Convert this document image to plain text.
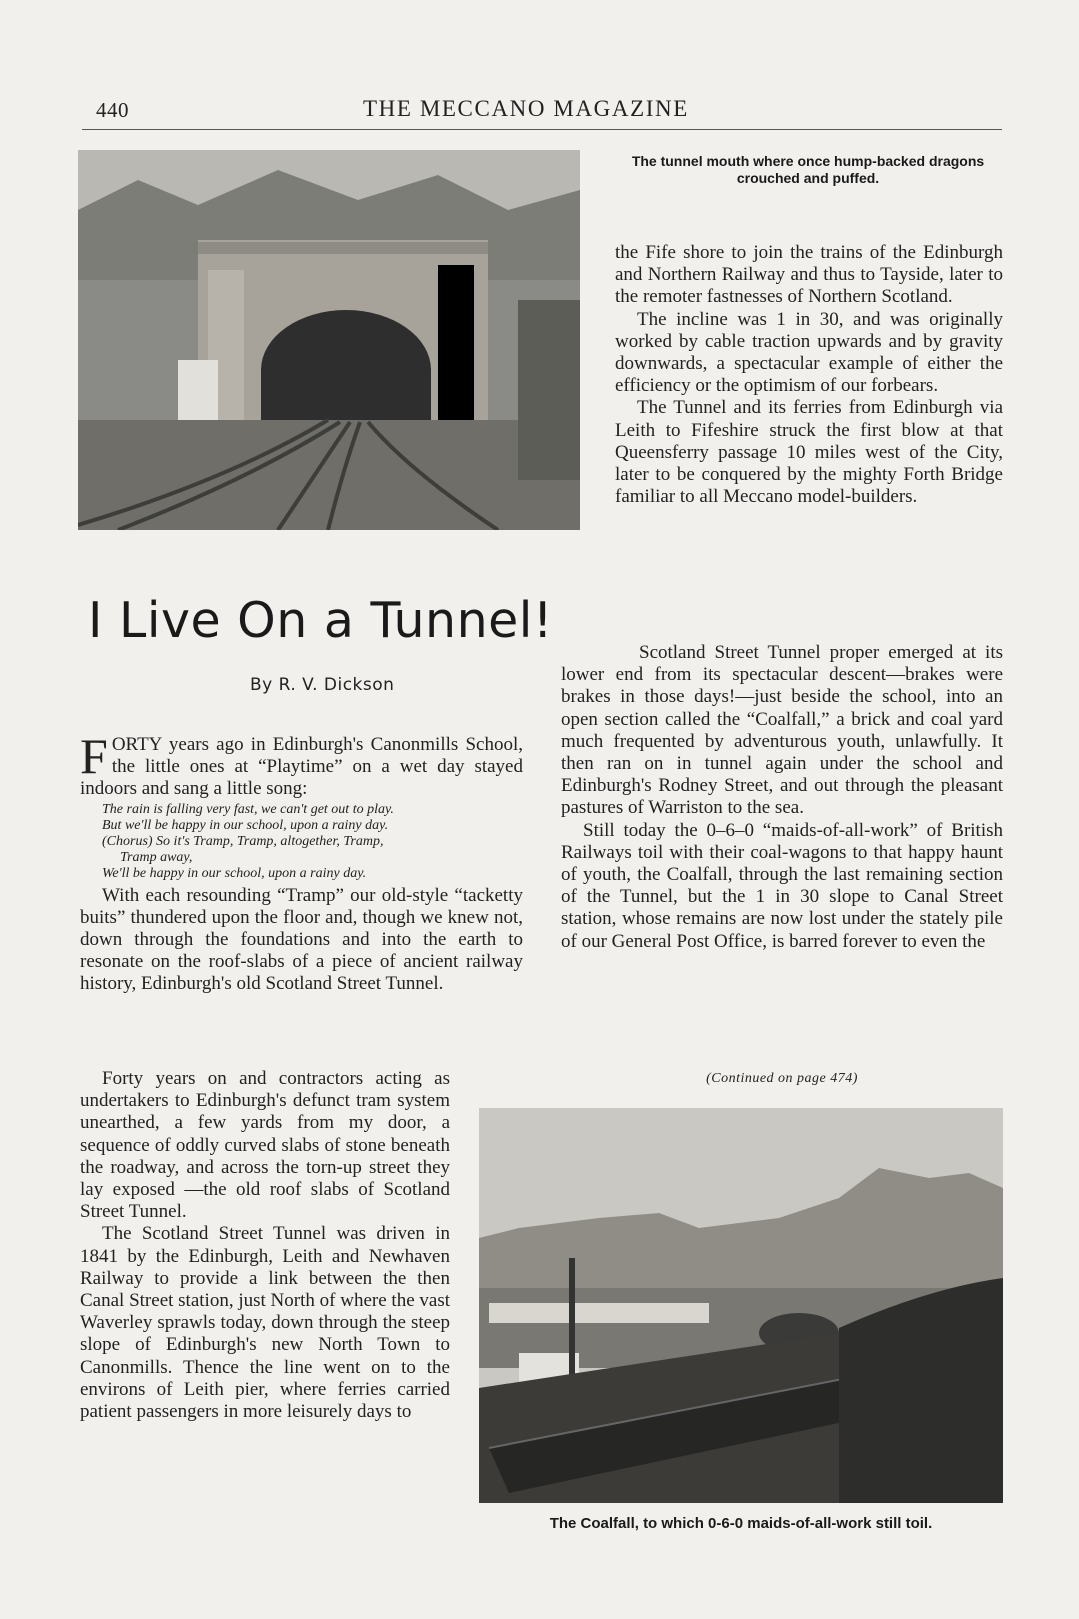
440	THE MECCANO MAGAZINE
The tunnel mouth where once hump-backed dragons crouched and puffed.
I Live On a Tunnel!
By R. V. Dickson

FORTY years ago in Edinburgh's Canonmills School, the little ones at “Playtime” on a wet day stayed indoors and sang a little song:

The rain is falling very fast, we can't get out to play.
But we'll be happy in our school, upon a rainy day.
(Chorus) So it's Tramp, Tramp, altogether, Tramp,
Tramp away,
We'll be happy in our school, upon a rainy day.

With each resounding “Tramp” our old-style “tacketty buits” thundered upon the floor and, though we knew not, down through the foundations and into the earth to resonate on the roof-slabs of a piece of ancient railway history, Edinburgh's old Scotland Street Tunnel.

Forty years on and contractors acting as undertakers to Edinburgh's defunct tram system unearthed, a few yards from my door, a sequence of oddly curved slabs of stone beneath the roadway, and across the torn-up street they lay exposed —the old roof slabs of Scotland Street Tunnel.

The Scotland Street Tunnel was driven in 1841 by the Edinburgh, Leith and Newhaven Railway to provide a link between the then Canal Street station, just North of where the vast Waverley sprawls today, down through the steep slope of Edinburgh's new North Town to Canonmills. Thence the line went on to the environs of Leith pier, where ferries carried patient passengers in more leisurely days to

the Fife shore to join the trains of the Edinburgh and Northern Railway and thus to Tayside, later to the remoter fastnesses of Northern Scotland.

The incline was 1 in 30, and was originally worked by cable traction upwards and by gravity downwards, a spectacular example of either the efficiency or the optimism of our forbears.

The Tunnel and its ferries from Edinburgh via Leith to Fifeshire struck the first blow at that Queensferry passage 10 miles west of the City, later to be conquered by the mighty Forth Bridge familiar to all Meccano model-builders.

Scotland Street Tunnel proper emerged at its lower end from its spectacular descent—brakes were brakes in those days!—just beside the school, into an open section called the “Coalfall,” a brick and coal yard much frequented by adventurous youth, unlawfully. It then ran on in tunnel again under the school and Edinburgh's Rodney Street, and out through the pleasant pastures of Warriston to the sea.

Still today the 0–6–0 “maids-of-all-work” of British Railways toil with their coal-wagons to that happy haunt of youth, the Coalfall, through the last remaining section of the Tunnel, but the 1 in 30 slope to Canal Street station, whose remains are now lost under the stately pile of our General Post Office, is barred forever to even the

(Continued on page 474)
The Coalfall, to which 0-6-0 maids-of-all-work still toil.
